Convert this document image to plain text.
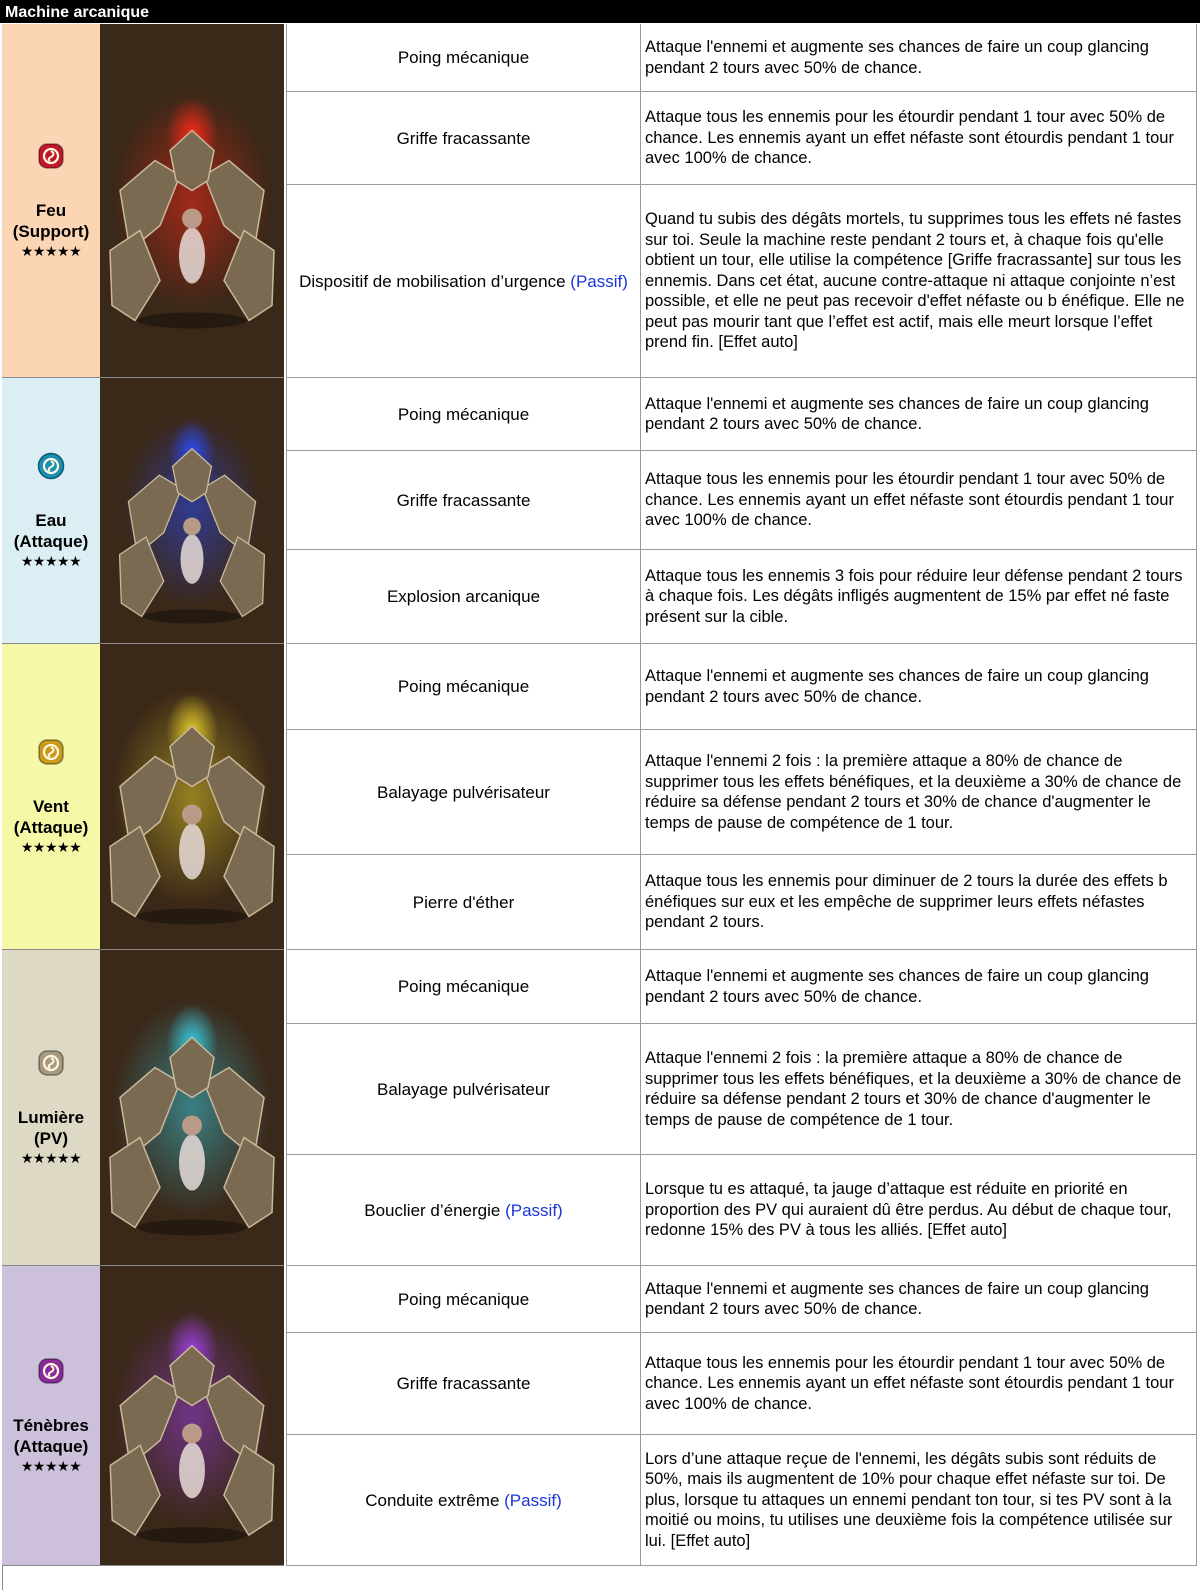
Machine arcanique
Feu
(Support)
★★★★★
Poing mécanique
Attaque l'ennemi et augmente ses chances de faire un coup glancing pendant 2 tours avec 50% de chance.
Griffe fracassante
Attaque tous les ennemis pour les étourdir pendant 1 tour avec 50% de chance. Les ennemis ayant un effet néfaste sont étourdis pendant 1 tour avec 100% de chance.
Dispositif de mobilisation d’urgence (Passif)
Quand tu subis des dégâts mortels, tu supprimes tous les effets né fastes sur toi. Seule la machine reste pendant 2 tours et, à chaque fois qu'elle obtient un tour, elle utilise la compétence [Griffe fracrassante] sur tous les ennemis. Dans cet état, aucune contre-attaque ni attaque conjointe n’est possible, et elle ne peut pas recevoir d'effet néfaste ou b énéfique. Elle ne peut pas mourir tant que l’effet est actif, mais elle meurt lorsque l’effet prend fin. [Effet auto]
Eau
(Attaque)
★★★★★
Poing mécanique
Attaque l'ennemi et augmente ses chances de faire un coup glancing pendant 2 tours avec 50% de chance.
Griffe fracassante
Attaque tous les ennemis pour les étourdir pendant 1 tour avec 50% de chance. Les ennemis ayant un effet néfaste sont étourdis pendant 1 tour avec 100% de chance.
Explosion arcanique
Attaque tous les ennemis 3 fois pour réduire leur défense pendant 2 tours à chaque fois. Les dégâts infligés augmentent de 15% par effet né faste présent sur la cible.
Vent
(Attaque)
★★★★★
Poing mécanique
Attaque l'ennemi et augmente ses chances de faire un coup glancing pendant 2 tours avec 50% de chance.
Balayage pulvérisateur
Attaque l'ennemi 2 fois : la première attaque a 80% de chance de supprimer tous les effets bénéfiques, et la deuxième a 30% de chance de réduire sa défense pendant 2 tours et 30% de chance d'augmenter le temps de pause de compétence de 1 tour.
Pierre d'éther
Attaque tous les ennemis pour diminuer de 2 tours la durée des effets b énéfiques sur eux et les empêche de supprimer leurs effets néfastes pendant 2 tours.
Lumière
(PV)
★★★★★
Poing mécanique
Attaque l'ennemi et augmente ses chances de faire un coup glancing pendant 2 tours avec 50% de chance.
Balayage pulvérisateur
Attaque l'ennemi 2 fois : la première attaque a 80% de chance de supprimer tous les effets bénéfiques, et la deuxième a 30% de chance de réduire sa défense pendant 2 tours et 30% de chance d'augmenter le temps de pause de compétence de 1 tour.
Bouclier d’énergie (Passif)
Lorsque tu es attaqué, ta jauge d’attaque est réduite en priorité en proportion des PV qui auraient dû être perdus. Au début de chaque tour, redonne 15% des PV à tous les alliés. [Effet auto]
Ténèbres
(Attaque)
★★★★★
Poing mécanique
Attaque l'ennemi et augmente ses chances de faire un coup glancing pendant 2 tours avec 50% de chance.
Griffe fracassante
Attaque tous les ennemis pour les étourdir pendant 1 tour avec 50% de chance. Les ennemis ayant un effet néfaste sont étourdis pendant 1 tour avec 100% de chance.
Conduite extrême (Passif)
Lors d’une attaque reçue de l'ennemi, les dégâts subis sont réduits de 50%, mais ils augmentent de 10% pour chaque effet néfaste sur toi. De plus, lorsque tu attaques un ennemi pendant ton tour, si tes PV sont à la moitié ou moins, tu utilises une deuxième fois la compétence utilisée sur lui. [Effet auto]
